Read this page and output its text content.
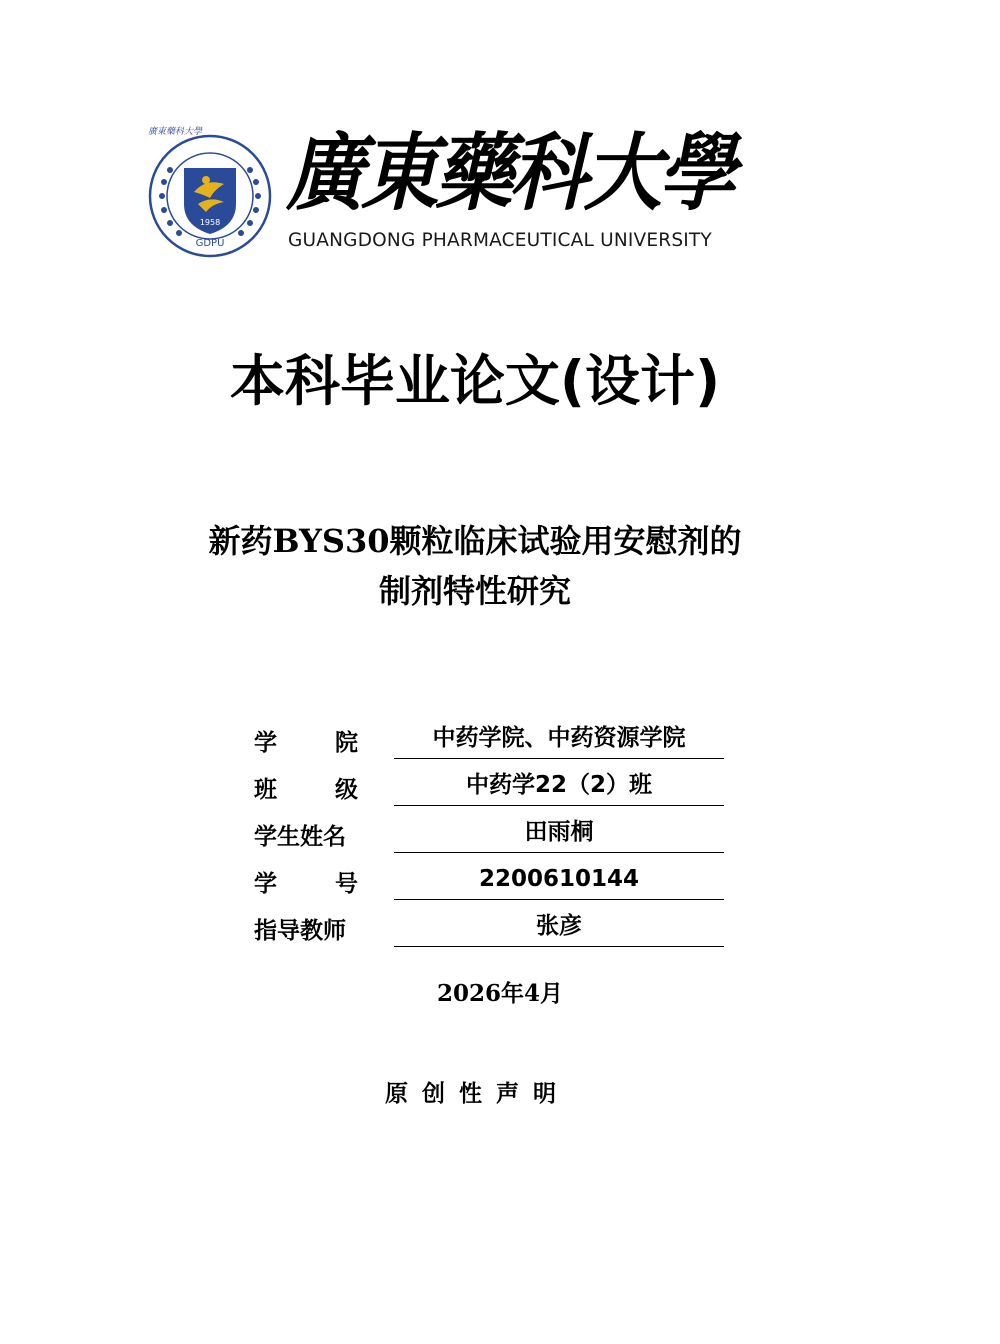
廣東藥科大學
1958
GDPU
廣東藥科大學
GUANGDONG PHARMACEUTICAL UNIVERSITY
本科毕业论文(设计)
新药BYS30颗粒临床试验用安慰剂的
制剂特性研究
学	院	中药学院、中药资源学院
班	级	中药学22（2）班
学生姓名	田雨桐
学	号	2200610144
指导教师	张彦
2026年4月
原创性声明
